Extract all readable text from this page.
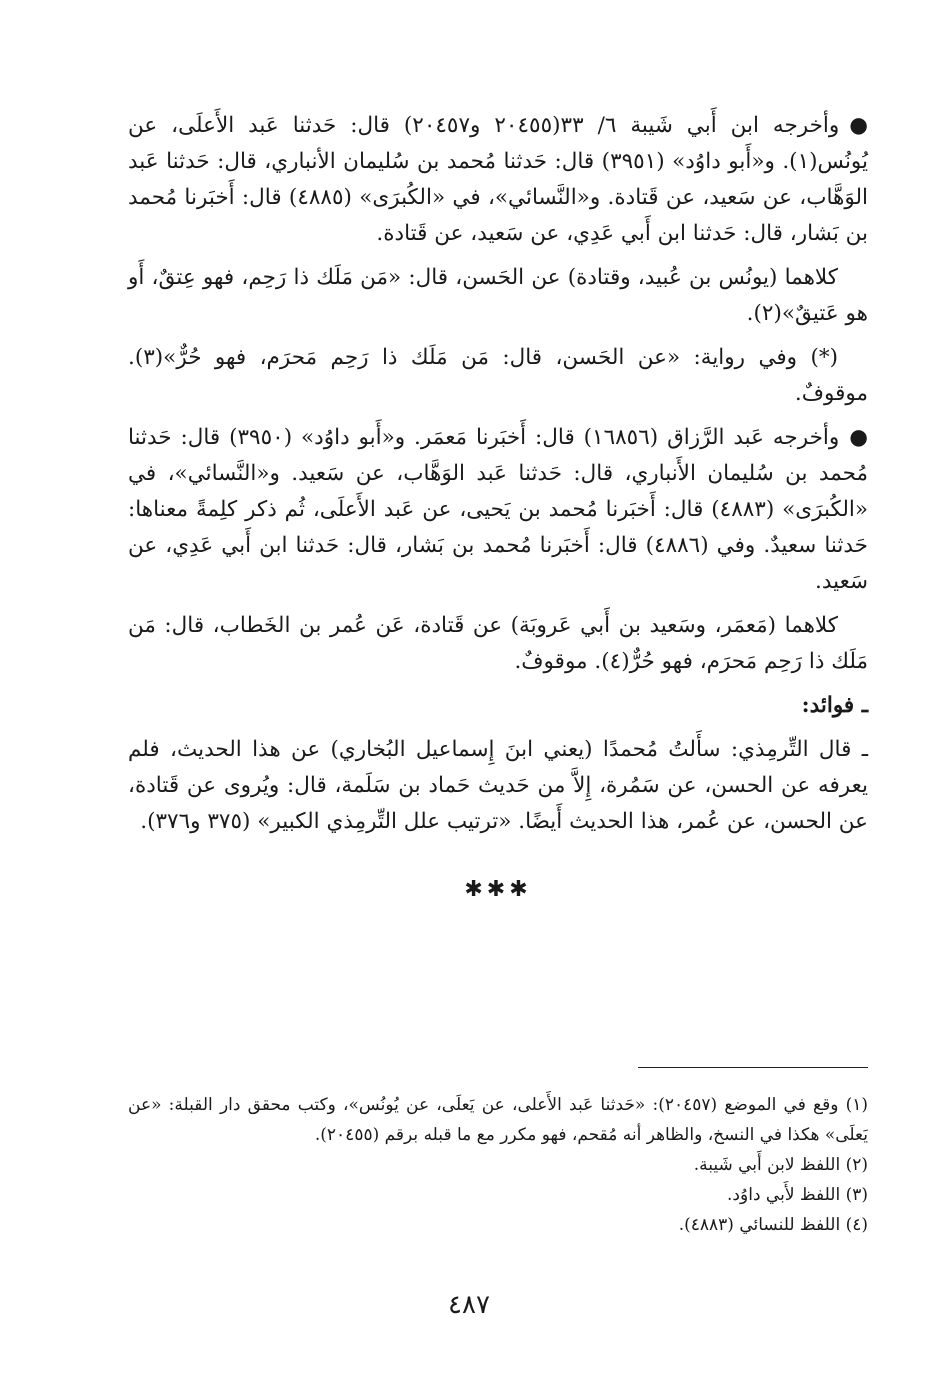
●وأخرجه ابن أَبي شَيبة ٦/ ٣٣(٢٠٤٥٥ و٢٠٤٥٧) قال: حَدثنا عَبد الأَعلَى، عن يُونُس(١). و«أَبو داوُد» (٣٩٥١) قال: حَدثنا مُحمد بن سُليمان الأنباري، قال: حَدثنا عَبد الوَهَّاب، عن سَعيد، عن قَتادة. و«النَّسائي»، في «الكُبرَى» (٤٨٨٥) قال: أَخبَرنا مُحمد بن بَشار، قال: حَدثنا ابن أَبي عَدِي، عن سَعيد، عن قَتادة.

كلاهما (يونُس بن عُبيد، وقتادة) عن الحَسن، قال: «مَن مَلَك ذا رَحِم، فهو عِتقٌ، أَو هو عَتيقٌ»(٢).

(*) وفي رواية: «عن الحَسن، قال: مَن مَلَك ذا رَحِم مَحرَم، فهو حُرٌّ»(٣). موقوفٌ.

●وأخرجه عَبد الرَّزاق (١٦٨٥٦) قال: أَخبَرنا مَعمَر. و«أَبو داوُد» (٣٩٥٠) قال: حَدثنا مُحمد بن سُليمان الأَنباري، قال: حَدثنا عَبد الوَهَّاب، عن سَعيد. و«النَّسائي»، في «الكُبرَى» (٤٨٨٣) قال: أَخبَرنا مُحمد بن يَحيى، عن عَبد الأَعلَى، ثُم ذكر كلِمةً معناها: حَدثنا سعيدٌ. وفي (٤٨٨٦) قال: أَخبَرنا مُحمد بن بَشار، قال: حَدثنا ابن أَبي عَدِي، عن سَعيد.

كلاهما (مَعمَر، وسَعيد بن أَبي عَروبَة) عن قَتادة، عَن عُمر بن الخَطاب، قال: مَن مَلَك ذا رَحِم مَحرَم، فهو حُرٌّ(٤). موقوفٌ.

ـ فوائد:

ـ قال التِّرمِذي: سأَلتُ مُحمدًا (يعني ابنَ إِسماعيل البُخاري) عن هذا الحديث، فلم يعرفه عن الحسن، عن سَمُرة، إِلاَّ من حَديث حَماد بن سَلَمة، قال: ويُروى عن قَتادة، عن الحسن، عن عُمر، هذا الحديث أَيضًا. «ترتيب علل التِّرمِذي الكبير» (٣٧٥ و٣٧٦).

✱✱✱

(١) وقع في الموضع (٢٠٤٥٧): «حَدثنا عَبد الأَعلى، عن يَعلَى، عن يُونُس»، وكتب محقق دار القبلة: «عن يَعلَى» هكذا في النسخ، والظاهر أنه مُقحم، فهو مكرر مع ما قبله برقم (٢٠٤٥٥).

(٢) اللفظ لابن أَبي شَيبة.

(٣) اللفظ لأَبي داوُد.

(٤) اللفظ للنسائي (٤٨٨٣).

٤٨٧
